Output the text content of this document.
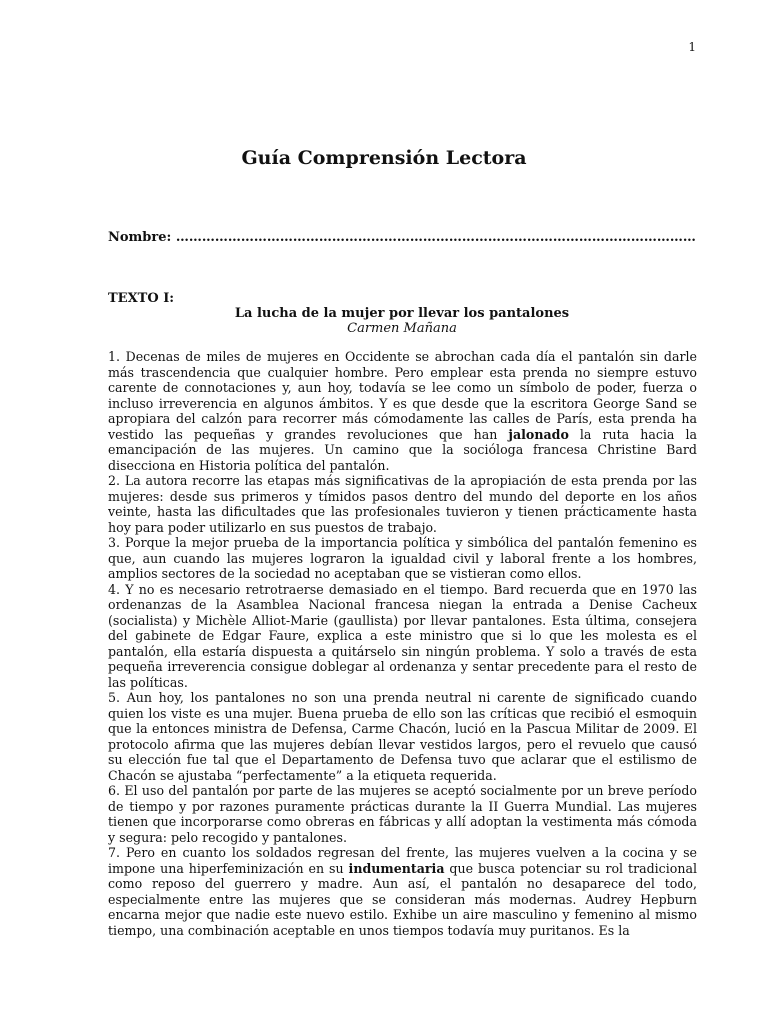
1
Guía Comprensión Lectora
Nombre: …………………………………………………………………………………………………………
TEXTO I:
La lucha de la mujer por llevar los pantalones
Carmen Mañana

1. Decenas de miles de mujeres en Occidente se abrochan cada día el pantalón sin darle más trascendencia que cualquier hombre. Pero emplear esta prenda no siempre estuvo carente de connotaciones y, aun hoy, todavía se lee como un símbolo de poder, fuerza o incluso irreverencia en algunos ámbitos. Y es que desde que la escritora George Sand se apropiara del calzón para recorrer más cómodamente las calles de París, esta prenda ha vestido las pequeñas y grandes revoluciones que han jalonado la ruta hacia la emancipación de las mujeres. Un camino que la socióloga francesa Christine Bard disecciona en Historia política del pantalón.

2. La autora recorre las etapas más significativas de la apropiación de esta prenda por las mujeres: desde sus primeros y tímidos pasos dentro del mundo del deporte en los años veinte, hasta las dificultades que las profesionales tuvieron y tienen prácticamente hasta hoy para poder utilizarlo en sus puestos de trabajo.

3. Porque la mejor prueba de la importancia política y simbólica del pantalón femenino es que, aun cuando las mujeres lograron la igualdad civil y laboral frente a los hombres, amplios sectores de la sociedad no aceptaban que se vistieran como ellos.

4. Y no es necesario retrotraerse demasiado en el tiempo. Bard recuerda que en 1970 las ordenanzas de la Asamblea Nacional francesa niegan la entrada a Denise Cacheux (socialista) y Michèle Alliot-Marie (gaullista) por llevar pantalones. Esta última, consejera del gabinete de Edgar Faure, explica a este ministro que si lo que les molesta es el pantalón, ella estaría dispuesta a quitárselo sin ningún problema. Y solo a través de esta pequeña irreverencia consigue doblegar al ordenanza y sentar precedente para el resto de las políticas.

5. Aun hoy, los pantalones no son una prenda neutral ni carente de significado cuando quien los viste es una mujer. Buena prueba de ello son las críticas que recibió el esmoquin que la entonces ministra de Defensa, Carme Chacón, lució en la Pascua Militar de 2009. El protocolo afirma que las mujeres debían llevar vestidos largos, pero el revuelo que causó su elección fue tal que el Departamento de Defensa tuvo que aclarar que el estilismo de Chacón se ajustaba “perfectamente” a la etiqueta requerida.

6. El uso del pantalón por parte de las mujeres se aceptó socialmente por un breve período de tiempo y por razones puramente prácticas durante la II Guerra Mundial. Las mujeres tienen que incorporarse como obreras en fábricas y allí adoptan la vestimenta más cómoda y segura: pelo recogido y pantalones.

7. Pero en cuanto los soldados regresan del frente, las mujeres vuelven a la cocina y se impone una hiperfeminización en su indumentaria que busca potenciar su rol tradicional como reposo del guerrero y madre. Aun así, el pantalón no desaparece del todo, especialmente entre las mujeres que se consideran más modernas. Audrey Hepburn encarna mejor que nadie este nuevo estilo. Exhibe un aire masculino y femenino al mismo tiempo, una combinación aceptable en unos tiempos todavía muy puritanos. Es la
